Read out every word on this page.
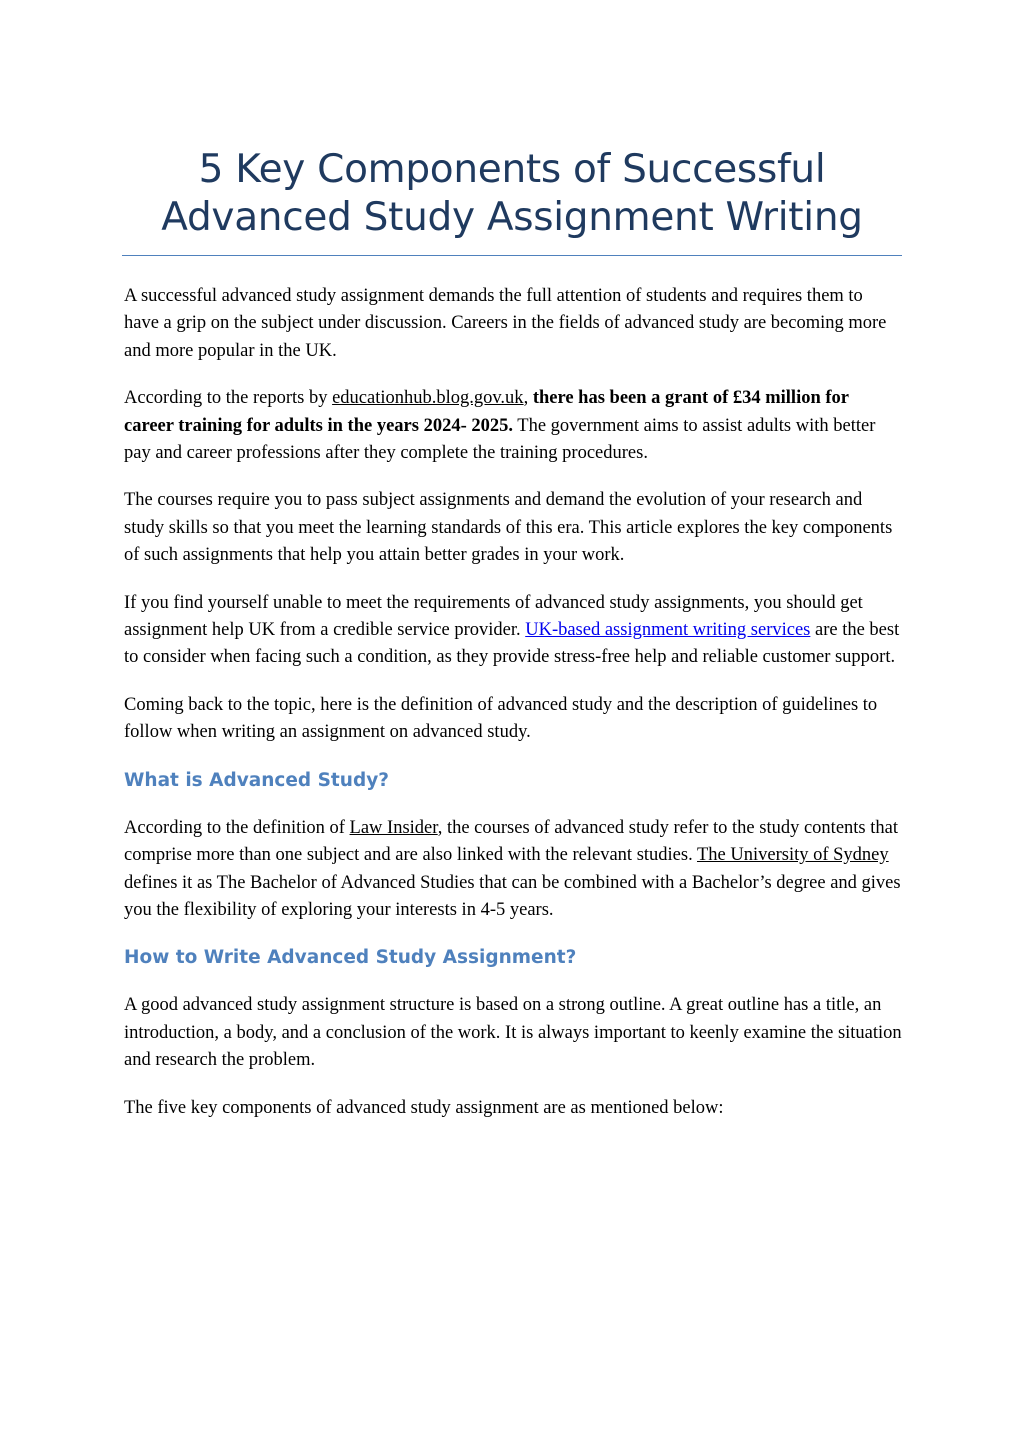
5 Key Components of Successful
Advanced Study Assignment Writing

A successful advanced study assignment demands the full attention of students and requires them to have a grip on the subject under discussion. Careers in the fields of advanced study are becoming more and more popular in the UK.

According to the reports by educationhub.blog.gov.uk, there has been a grant of £34 million for career training for adults in the years 2024- 2025. The government aims to assist adults with better pay and career professions after they complete the training procedures.

The courses require you to pass subject assignments and demand the evolution of your research and study skills so that you meet the learning standards of this era. This article explores the key components of such assignments that help you attain better grades in your work.

If you find yourself unable to meet the requirements of advanced study assignments, you should get assignment help UK from a credible service provider. UK-based assignment writing services are the best to consider when facing such a condition, as they provide stress-free help and reliable customer support.

Coming back to the topic, here is the definition of advanced study and the description of guidelines to follow when writing an assignment on advanced study.

What is Advanced Study?

According to the definition of Law Insider, the courses of advanced study refer to the study contents that comprise more than one subject and are also linked with the relevant studies. The University of Sydney defines it as The Bachelor of Advanced Studies that can be combined with a Bachelor’s degree and gives you the flexibility of exploring your interests in 4-5 years.

How to Write Advanced Study Assignment?

A good advanced study assignment structure is based on a strong outline. A great outline has a title, an introduction, a body, and a conclusion of the work. It is always important to keenly examine the situation and research the problem.

The five key components of advanced study assignment are as mentioned below:
